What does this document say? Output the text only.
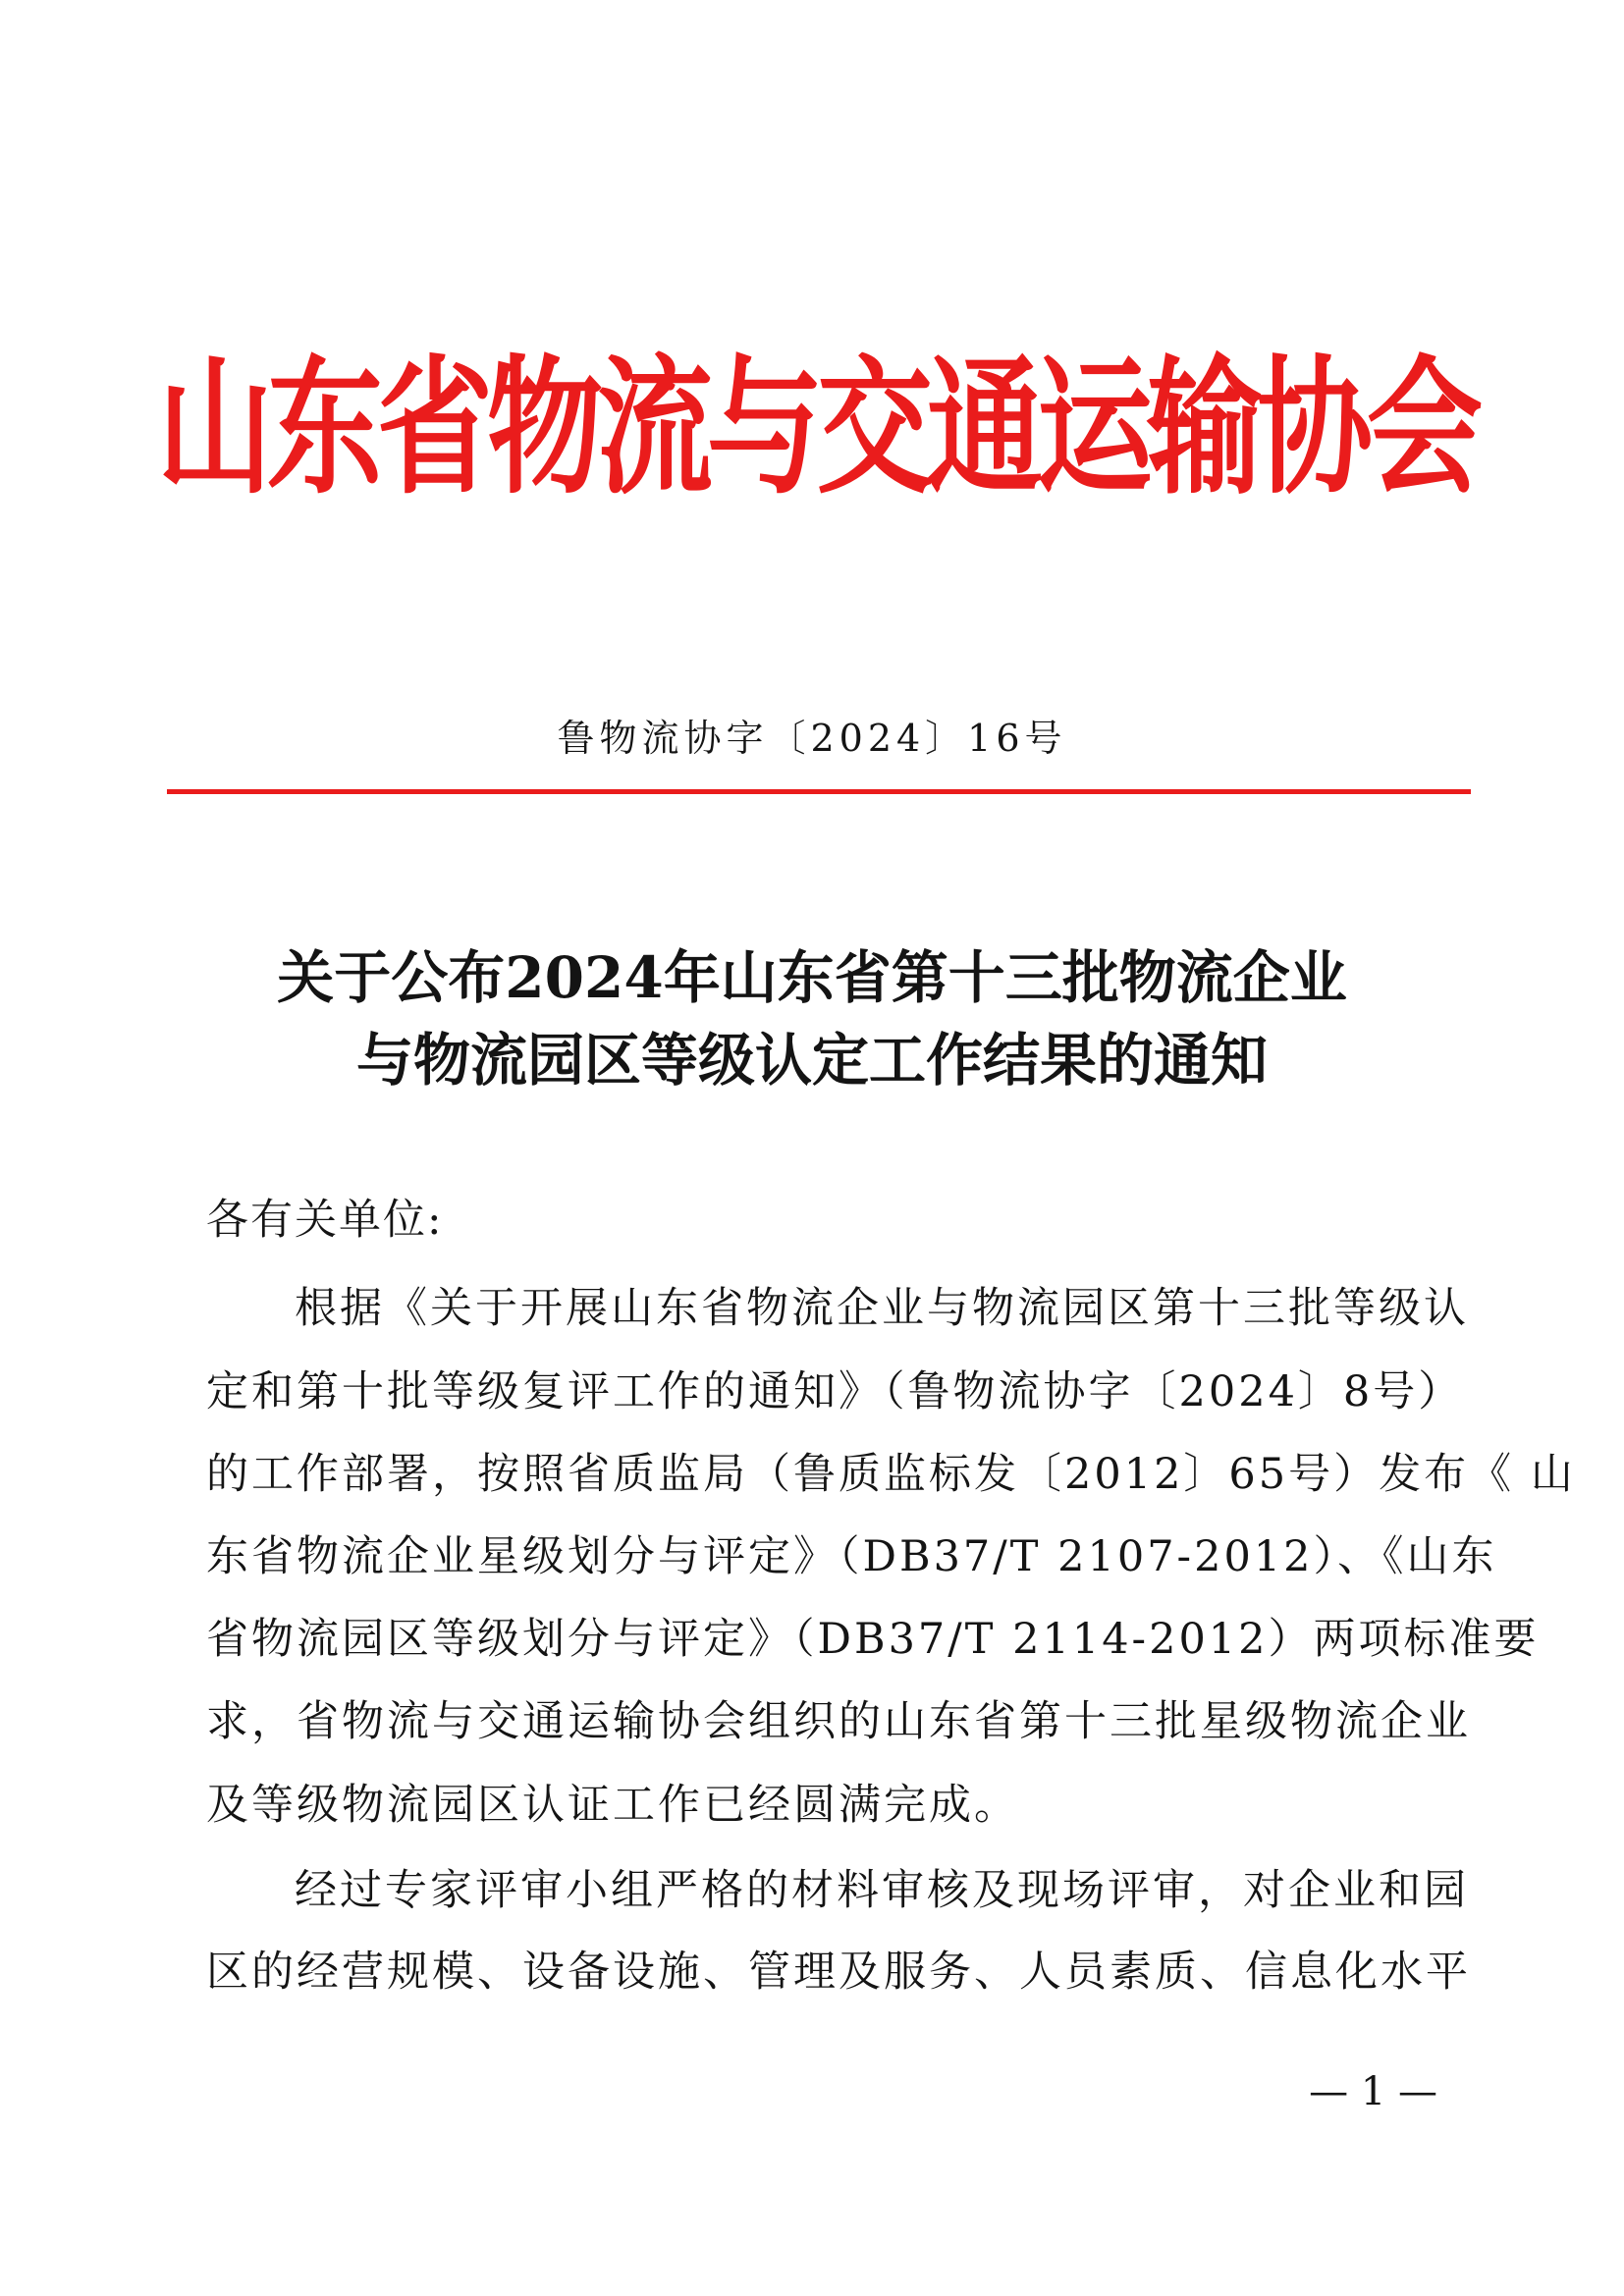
山东省物流与交通运输协会
鲁物流协字〔2024〕16号
关于公布2024年山东省第十三批物流企业
与物流园区等级认定工作结果的通知
各有关单位:
根据《关于开展山东省物流企业与物流园区第十三批等级认
定和第十批等级复评工作的通知》（鲁物流协字〔2024〕8号）
的工作部署，按照省质监局（鲁质监标发〔2012〕65号）发布《 山
东省物流企业星级划分与评定》（DB37/T 2107-2012）、《山东
省物流园区等级划分与评定》（DB37/T 2114-2012）两项标准要
求，省物流与交通运输协会组织的山东省第十三批星级物流企业
及等级物流园区认证工作已经圆满完成。
经过专家评审小组严格的材料审核及现场评审，对企业和园
区的经营规模、设备设施、管理及服务、人员素质、信息化水平
— 1 —
